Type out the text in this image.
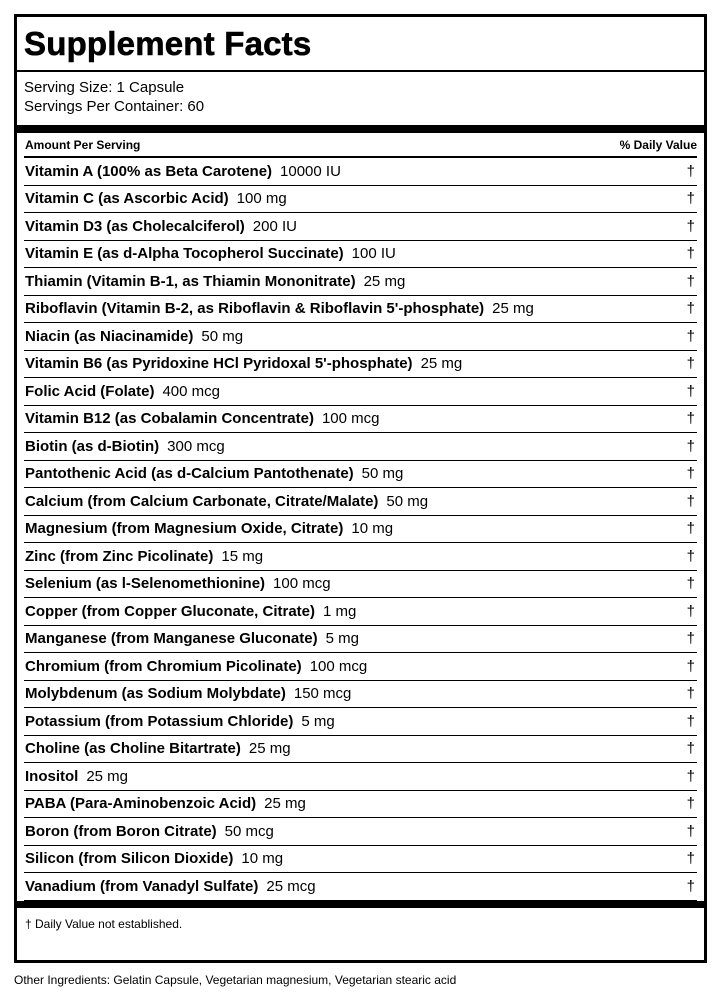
Supplement Facts
Serving Size: 1 Capsule
Servings Per Container: 60
Amount Per Serving	% Daily Value
Vitamin A (100% as Beta Carotene) 10000 IU	†
Vitamin C (as Ascorbic Acid) 100 mg	†
Vitamin D3 (as Cholecalciferol) 200 IU	†
Vitamin E (as d-Alpha Tocopherol Succinate) 100 IU	†
Thiamin (Vitamin B-1, as Thiamin Mononitrate) 25 mg	†
Riboflavin (Vitamin B-2, as Riboflavin & Riboflavin 5'-phosphate) 25 mg	†
Niacin (as Niacinamide) 50 mg	†
Vitamin B6 (as Pyridoxine HCl Pyridoxal 5'-phosphate) 25 mg	†
Folic Acid (Folate) 400 mcg	†
Vitamin B12 (as Cobalamin Concentrate) 100 mcg	†
Biotin (as d-Biotin) 300 mcg	†
Pantothenic Acid (as d-Calcium Pantothenate) 50 mg	†
Calcium (from Calcium Carbonate, Citrate/Malate) 50 mg	†
Magnesium (from Magnesium Oxide, Citrate) 10 mg	†
Zinc (from Zinc Picolinate) 15 mg	†
Selenium (as l-Selenomethionine) 100 mcg	†
Copper (from Copper Gluconate, Citrate) 1 mg	†
Manganese (from Manganese Gluconate) 5 mg	†
Chromium (from Chromium Picolinate) 100 mcg	†
Molybdenum (as Sodium Molybdate) 150 mcg	†
Potassium (from Potassium Chloride) 5 mg	†
Choline (as Choline Bitartrate) 25 mg	†
Inositol 25 mg	†
PABA (Para-Aminobenzoic Acid) 25 mg	†
Boron (from Boron Citrate) 50 mcg	†
Silicon (from Silicon Dioxide) 10 mg	†
Vanadium (from Vanadyl Sulfate) 25 mcg	†
† Daily Value not established.
Other Ingredients: Gelatin Capsule, Vegetarian magnesium, Vegetarian stearic acid
